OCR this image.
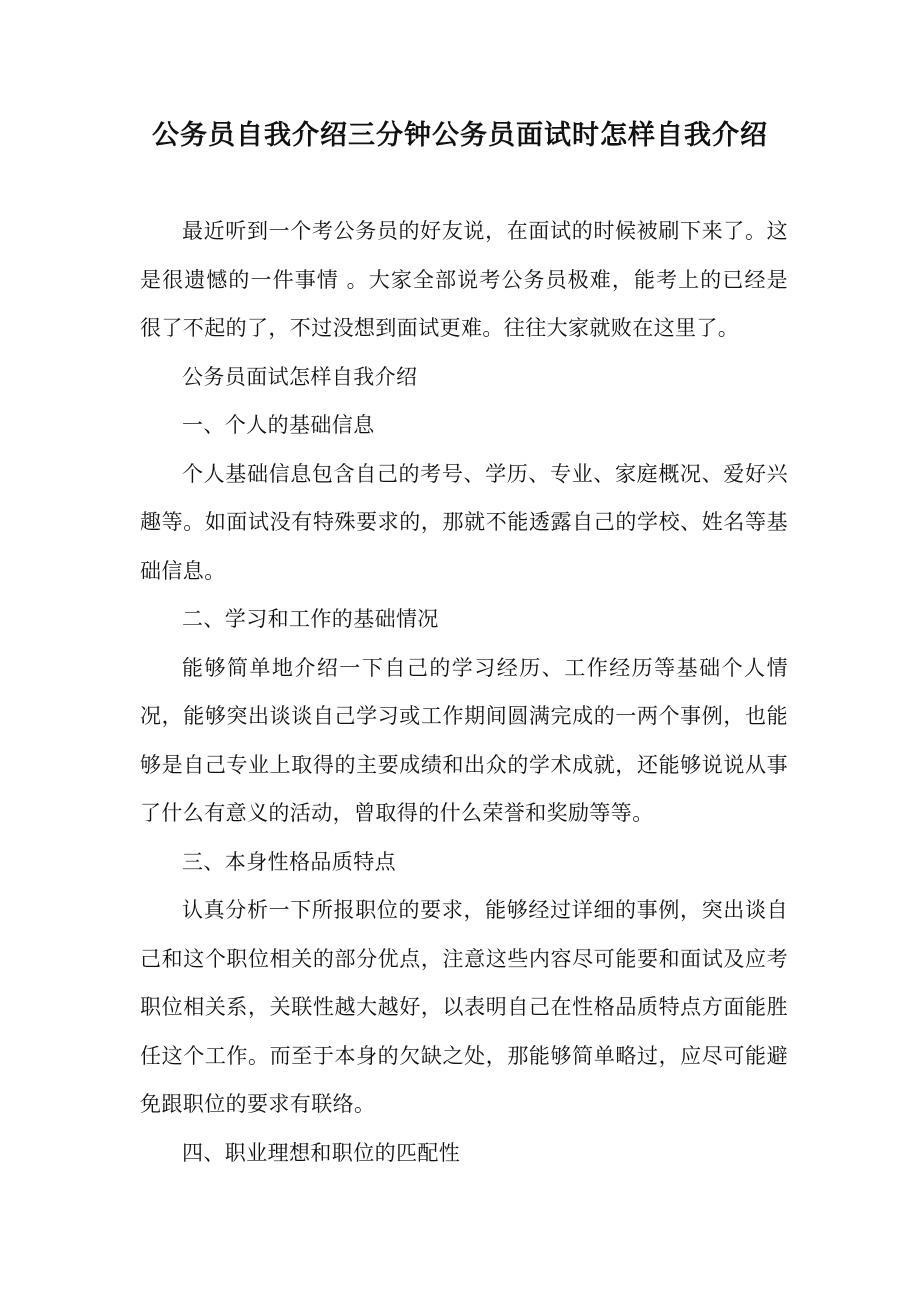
公务员自我介绍三分钟公务员面试时怎样自我介绍

最近听到一个考公务员的好友说，在面试的时候被刷下来了。这是很遗憾的一件事情 。大家全部说考公务员极难，能考上的已经是很了不起的了，不过没想到面试更难。往往大家就败在这里了。

公务员面试怎样自我介绍

一、个人的基础信息

个人基础信息包含自己的考号、学历、专业、家庭概况、爱好兴趣等。如面试没有特殊要求的，那就不能透露自己的学校、姓名等基础信息。

二、学习和工作的基础情况

能够简单地介绍一下自己的学习经历、工作经历等基础个人情况，能够突出谈谈自己学习或工作期间圆满完成的一两个事例，也能够是自己专业上取得的主要成绩和出众的学术成就，还能够说说从事了什么有意义的活动，曾取得的什么荣誉和奖励等等。

三、本身性格品质特点

认真分析一下所报职位的要求，能够经过详细的事例，突出谈自己和这个职位相关的部分优点，注意这些内容尽可能要和面试及应考职位相关系，关联性越大越好，以表明自己在性格品质特点方面能胜任这个工作。而至于本身的欠缺之处，那能够简单略过，应尽可能避免跟职位的要求有联络。

四、职业理想和职位的匹配性
